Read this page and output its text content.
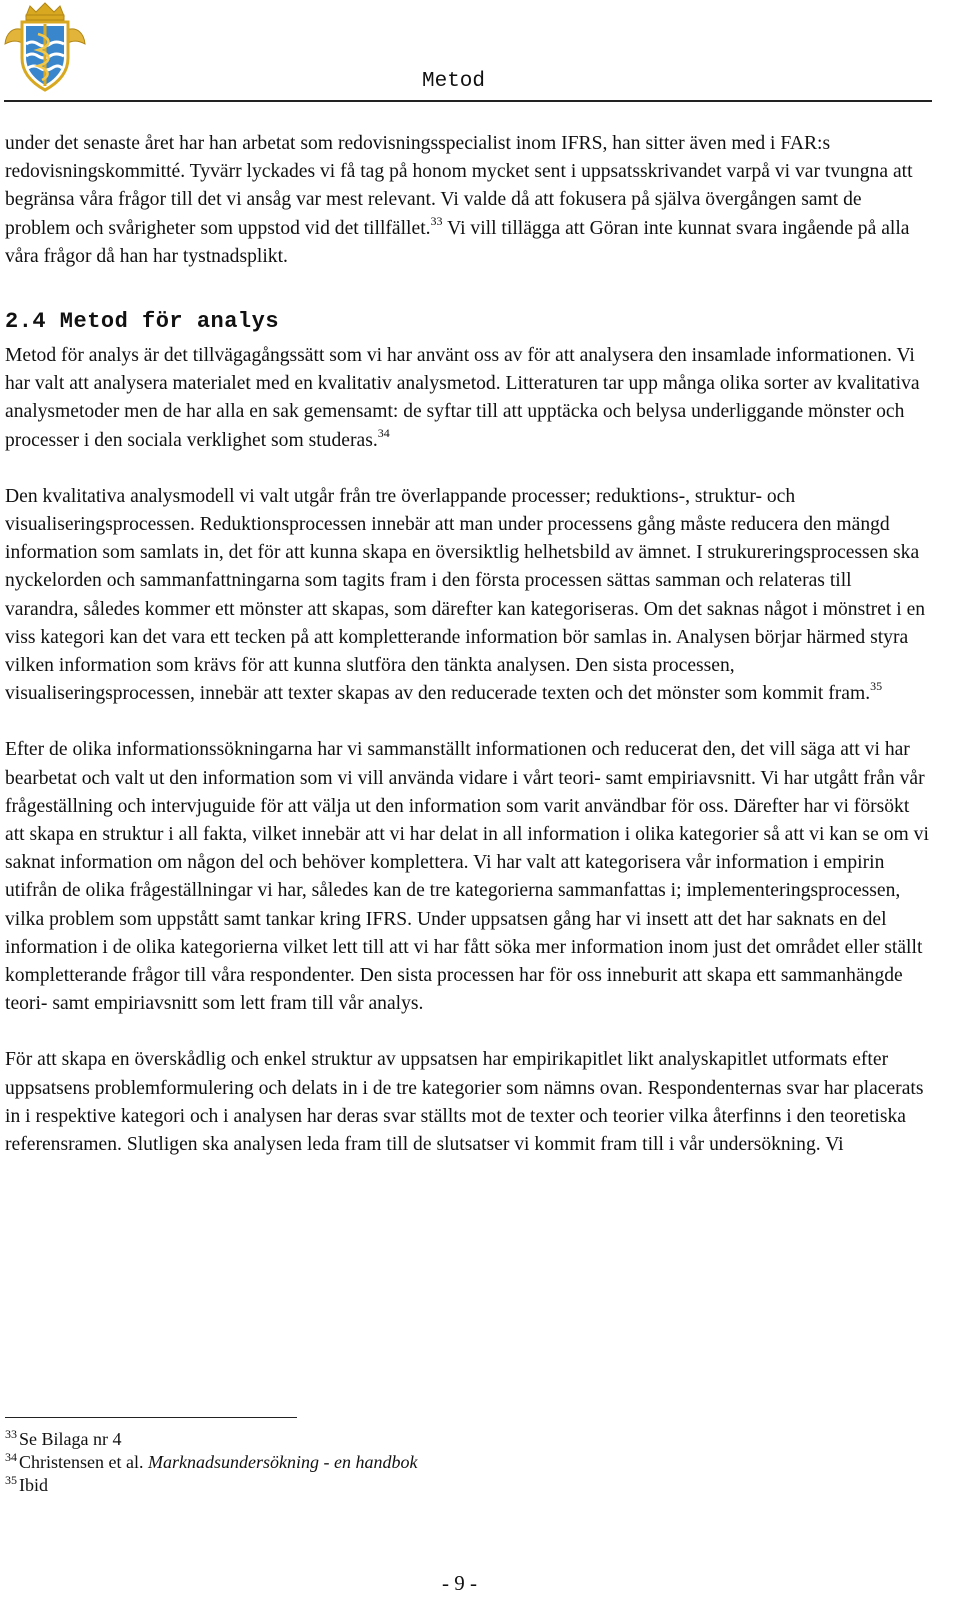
Metod

under det senaste året har han arbetat som redovisningsspecialist inom IFRS, han sitter även med i FAR:s redovisningskommitté. Tyvärr lyckades vi få tag på honom mycket sent i uppsatsskrivandet varpå vi var tvungna att begränsa våra frågor till det vi ansåg var mest relevant. Vi valde då att fokusera på själva övergången samt de problem och svårigheter som uppstod vid det tillfället.$^{33}$ Vi vill tillägga att Göran inte kunnat svara ingående på alla våra frågor då han har tystnadsplikt.

2.4 Metod för analys

Metod för analys är det tillvägagångssätt som vi har använt oss av för att analysera den insamlade informationen. Vi har valt att analysera materialet med en kvalitativ analysmetod. Litteraturen tar upp många olika sorter av kvalitativa analysmetoder men de har alla en sak gemensamt: de syftar till att upptäcka och belysa underliggande mönster och processer i den sociala verklighet som studeras.$^{34}$

Den kvalitativa analysmodell vi valt utgår från tre överlappande processer; reduktions-, struktur- och visualiseringsprocessen. Reduktionsprocessen innebär att man under processens gång måste reducera den mängd information som samlats in, det för att kunna skapa en översiktlig helhetsbild av ämnet. I strukureringsprocessen ska nyckelorden och sammanfattningarna som tagits fram i den första processen sättas samman och relateras till varandra, således kommer ett mönster att skapas, som därefter kan kategoriseras. Om det saknas något i mönstret i en viss kategori kan det vara ett tecken på att kompletterande information bör samlas in. Analysen börjar härmed styra vilken information som krävs för att kunna slutföra den tänkta analysen. Den sista processen, visualiseringsprocessen, innebär att texter skapas av den reducerade texten och det mönster som kommit fram.$^{35}$

Efter de olika informationssökningarna har vi sammanställt informationen och reducerat den, det vill säga att vi har bearbetat och valt ut den information som vi vill använda vidare i vårt teori- samt empiriavsnitt. Vi har utgått från vår frågeställning och intervjuguide för att välja ut den information som varit användbar för oss. Därefter har vi försökt att skapa en struktur i all fakta, vilket innebär att vi har delat in all information i olika kategorier så att vi kan se om vi saknat information om någon del och behöver komplettera. Vi har valt att kategorisera vår information i empirin utifrån de olika frågeställningar vi har, således kan de tre kategorierna sammanfattas i; implementeringsprocessen, vilka problem som uppstått samt tankar kring IFRS. Under uppsatsen gång har vi insett att det har saknats en del information i de olika kategorierna vilket lett till att vi har fått söka mer information inom just det området eller ställt kompletterande frågor till våra respondenter. Den sista processen har för oss inneburit att skapa ett sammanhängde teori- samt empiriavsnitt som lett fram till vår analys.

För att skapa en överskådlig och enkel struktur av uppsatsen har empirikapitlet likt analyskapitlet utformats efter uppsatsens problemformulering och delats in i de tre kategorier som nämns ovan. Respondenternas svar har placerats in i respektive kategori och i analysen har deras svar ställts mot de texter och teorier vilka återfinns i den teoretiska referensramen. Slutligen ska analysen leda fram till de slutsatser vi kommit fram till i vår undersökning. Vi

$^{33}$ Se Bilaga nr 4
$^{34}$ Christensen et al. Marknadsundersökning - en handbok
$^{35}$ Ibid
- 9 -
